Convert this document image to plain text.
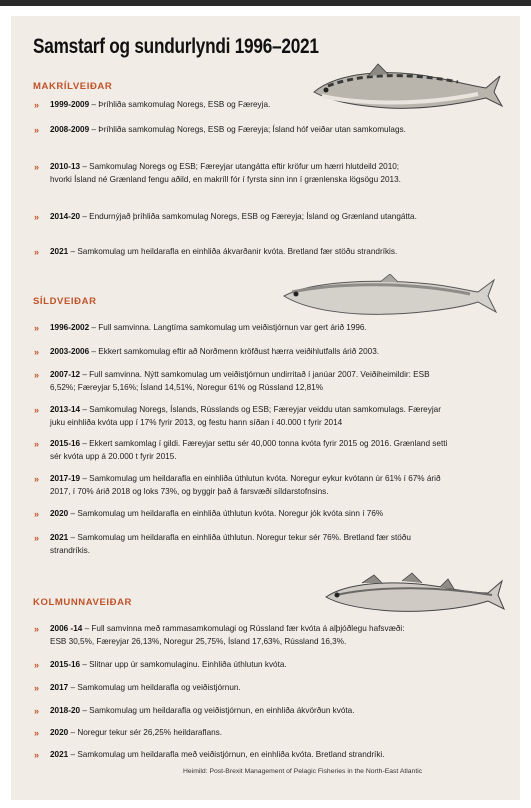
Samstarf og sundurlyndi 1996–2021
MAKRÍLVEIÐAR
»	1999-2009 – Þríhliða samkomulag Noregs, ESB og Færeyja.
»	2008-2009 – Þríhliða samkomulag Noregs, ESB og Færeyja; Ísland hóf veiðar utan samkomulags.
»	2010-13 – Samkomulag Noregs og ESB; Færeyjar utangátta eftir kröfur um hærri hlutdeild 2010; hvorki Ísland né Grænland fengu aðild, en makríll fór í fyrsta sinn inn í grænlenska lögsögu 2013.
»	2014-20 – Endurnýjað þríhliða samkomulag Noregs, ESB og Færeyja; Ísland og Grænland utangátta.
»	2021 – Samkomulag um heildarafla en einhliða ákvarðanir kvóta. Bretland fær stöðu strandríkis.
SÍLDVEIÐAR
»	1996-2002 – Full samvinna. Langtíma samkomulag um veiðistjórnun var gert árið 1996.
»	2003-2006 – Ekkert samkomulag eftir að Norðmenn kröfðust hærra veiðihlutfalls árið 2003.
»	2007-12 – Full samvinna. Nýtt samkomulag um veiðistjórnun undirritað í janúar 2007. Veiðiheimildir: ESB 6,52%; Færeyjar 5,16%; Ísland 14,51%, Noregur 61% og Rússland 12,81%
»	2013-14 – Samkomulag Noregs, Íslands, Rússlands og ESB; Færeyjar veiddu utan samkomulags. Færeyjar juku einhliða kvóta upp í 17% fyrir 2013, og festu hann síðan í 40.000 t fyrir 2014
»	2015-16 – Ekkert samkomlag í gildi. Færeyjar settu sér 40,000 tonna kvóta fyrir 2015 og 2016. Grænland setti sér kvóta upp á 20.000 t fyrir 2015.
»	2017-19 – Samkomulag um heildarafla en einhliða úthlutun kvóta. Noregur eykur kvótann úr 61% í 67% árið 2017, í 70% árið 2018 og loks 73%, og byggir það á farsvæði síldarstofnsins.
»	2020 – Samkomulag um heildarafla en einhliða úthlutun kvóta. Noregur jók kvóta sinn í 76%
»	2021 – Samkomulag um heildarafla en einhliða úthlutun. Noregur tekur sér 76%. Bretland fær stöðu strandríkis.
KOLMUNNAVEIÐAR
»	2006 -14 – Full samvinna með rammasamkomulagi og Rússland fær kvóta á alþjóðlegu hafsvæði: ESB 30,5%, Færeyjar 26,13%, Noregur 25,75%, Ísland 17,63%, Rússland 16,3%.
»	2015-16 – Slitnar upp úr samkomulaginu. Einhliða úthlutun kvóta.
»	2017 – Samkomulag um heildarafla og veiðistjórnun.
»	2018-20 – Samkomulag um heildarafla og veiðistjórnun, en einhliða ákvörðun kvóta.
»	2020 – Noregur tekur sér 26,25% heildaraflans.
»	2021 – Samkomulag um heildarafla með veiðistjórnun, en einhliða kvóta. Bretland strandríki.
Heimild: Post-Brexit Management of Pelagic Fisheries in the North-East Atlantic
